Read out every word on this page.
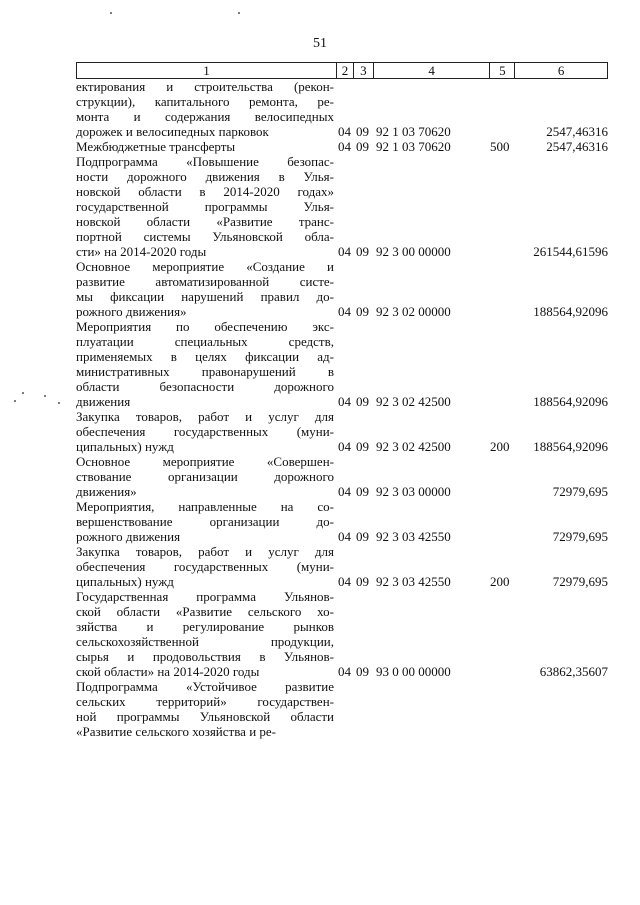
51
1	2 3	4	5	6
ектирования и строительства (рекон-
струкции), капитального ремонта, ре-
монта и содержания велосипедных
дорожек и велосипедных парковок	04 09 92 1 03 70620	2547,46316
Межбюджетные трансферты	04 09 92 1 03 70620	500	2547,46316
Подпрограмма «Повышение безопас-
ности дорожного движения в Улья-
новской области в 2014-2020 годах»
государственной программы Улья-
новской области «Развитие транс-
портной системы Ульяновской обла-
сти» на 2014-2020 годы	04 09 92 3 00 00000	261544,61596
Основное мероприятие «Создание и
развитие автоматизированной систе-
мы фиксации нарушений правил до-
рожного движения»	04 09 92 3 02 00000	188564,92096
Мероприятия по обеспечению экс-
плуатации специальных средств,
применяемых в целях фиксации ад-
министративных правонарушений в
области безопасности дорожного
движения	04 09 92 3 02 42500	188564,92096
Закупка товаров, работ и услуг для
обеспечения государственных (муни-
ципальных) нужд	04 09 92 3 02 42500	200	188564,92096
Основное мероприятие «Совершен-
ствование организации дорожного
движения»	04 09 92 3 03 00000	72979,695
Мероприятия, направленные на со-
вершенствование организации до-
рожного движения	04 09 92 3 03 42550	72979,695
Закупка товаров, работ и услуг для
обеспечения государственных (муни-
ципальных) нужд	04 09 92 3 03 42550	200	72979,695
Государственная программа Ульянов-
ской области «Развитие сельского хо-
зяйства и регулирование рынков
сельскохозяйственной продукции,
сырья и продовольствия в Ульянов-
ской области» на 2014-2020 годы	04 09 93 0 00 00000	63862,35607
Подпрограмма «Устойчивое развитие
сельских территорий» государствен-
ной программы Ульяновской области
«Развитие сельского хозяйства и ре-
